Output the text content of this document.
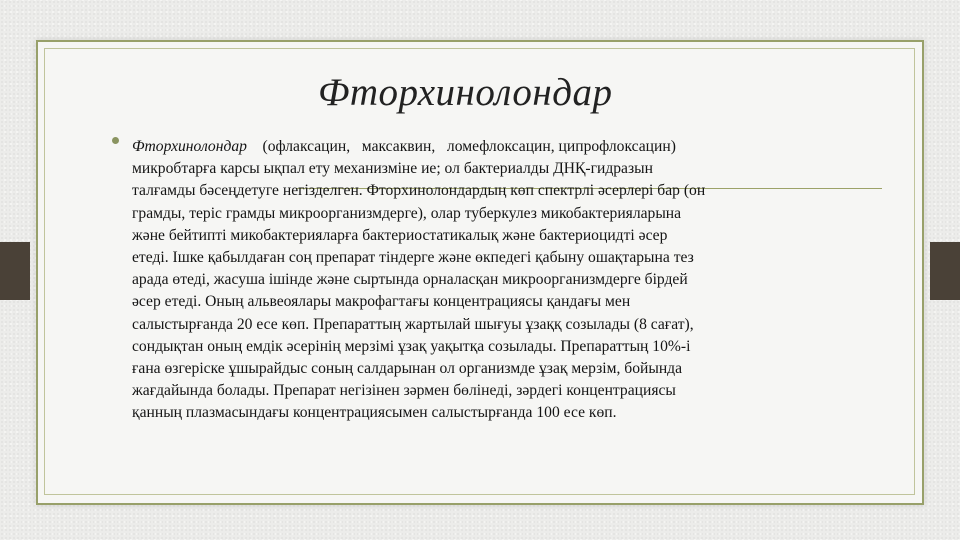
Фторхинолондар
Фторхинолондар    (офлаксацин,   максаквин,   ломефлоксацин, ципрофлоксацин)
микробтарға карсы ықпал ету механизміне ие; ол бактериалды ДНҚ-гидразын
талғамды бәсеңдетуге негізделген. Фторхинолондардың көп спектрлі әсерлері бар (он
грамды, теріс грамды микроорганизмдерге), олар туберкулез микобактерияларына
және бейтипті микобактерияларға бактериостатикалық және бактериоцидті әсер
етеді. Ішке қабылдаған соң препарат тіндерге және өкпедегі қабыну ошақтарына тез
арада өтеді, жасуша ішінде және сыртында орналасқан микроорганизмдерге бірдей
әсер етеді. Оның альвеоялары макрофагтағы концентрациясы қандағы мен
салыстырғанда 20 есе көп. Препараттың жартылай шығуы ұзаққ созылады (8 сағат),
сондықтан оның емдік әсерінің мерзімі ұзақ уақытқа созылады. Препараттың 10%-і
ғана өзгеріске ұшырайдыс соның салдарынан ол организмде ұзақ мерзім, бойында
жағдайында болады. Препарат негізінен зәрмен бөлінеді, зәрдегі концентрациясы
қанның плазмасындағы концентрациясымен салыстырғанда 100 есе көп.
